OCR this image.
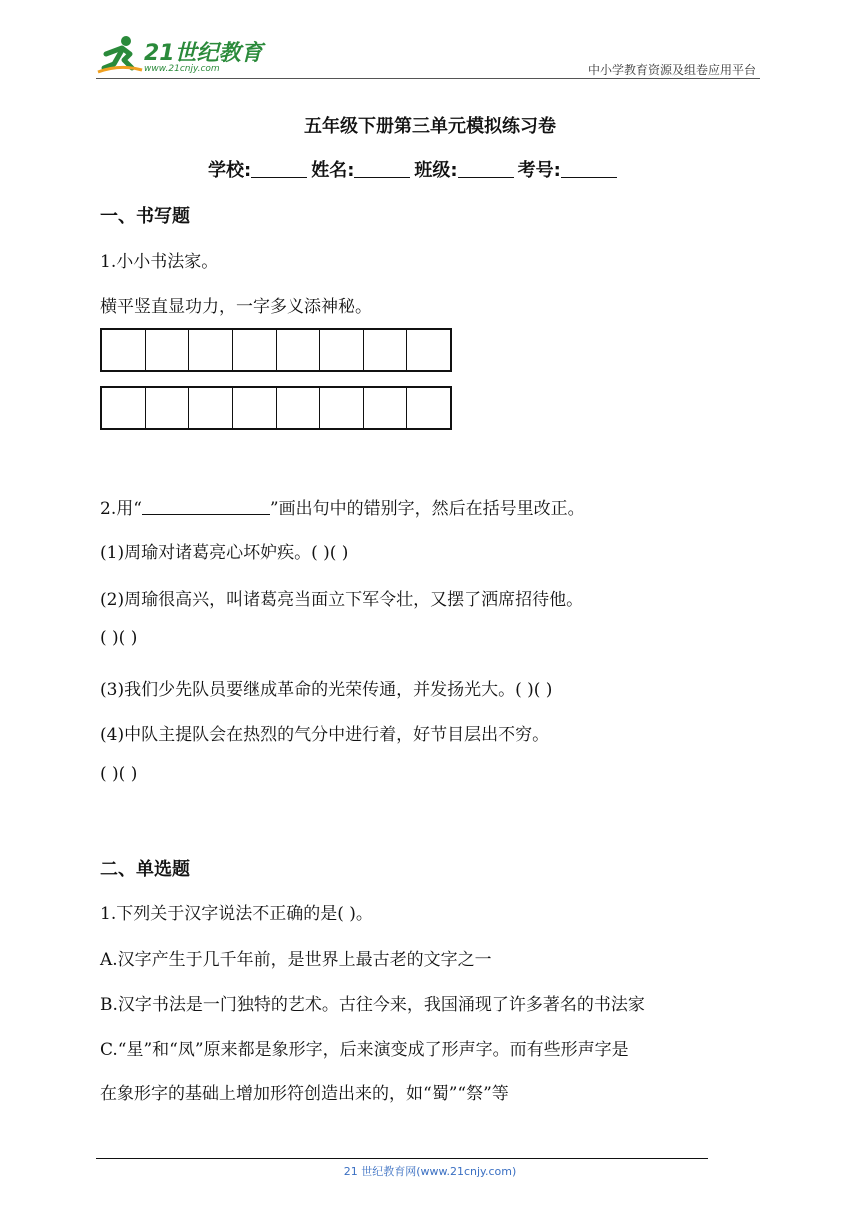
21世纪教育
www.21cnjy.com	中小学教育资源及组卷应用平台
五年级下册第三单元模拟练习卷
学校:	姓名:	班级:	考号:
一、书写题
1.小小书法家。
横平竖直显功力，一字多义添神秘。
2.用“	”画出句中的错别字，然后在括号里改正。
(1)周瑜对诸葛亮心坏妒疾。( )( )
(2)周瑜很高兴，叫诸葛亮当面立下军令壮，又摆了洒席招待他。
( )( )
(3)我们少先队员要继成革命的光荣传通，并发扬光大。( )( )
(4)中队主提队会在热烈的气分中进行着，好节目层出不穷。
( )( )
二、单选题
1.下列关于汉字说法不正确的是( )。
A.汉字产生于几千年前，是世界上最古老的文字之一
B.汉字书法是一门独特的艺术。古往今来，我国涌现了许多著名的书法家
C.“星”和“凤”原来都是象形字，后来演变成了形声字。而有些形声字是
在象形字的基础上增加形符创造出来的，如“蜀”“祭”等
21 世纪教育网(www.21cnjy.com)
